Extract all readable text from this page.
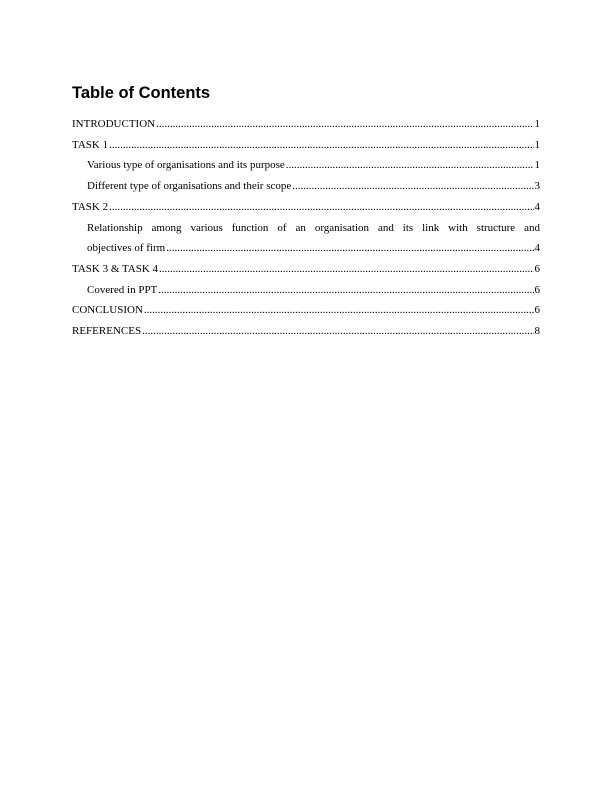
Table of Contents
INTRODUCTION .....	1
TASK 1 .....	1
Various type of organisations and its purpose .....	1
Different type of organisations and their scope .....	3
TASK 2 .....	4
Relationship among various function of an organisation and its link with structure and
objectives of firm .....	4
TASK 3 & TASK 4 .....	6
Covered in PPT .....	6
CONCLUSION .....	6
REFERENCES .....	8
